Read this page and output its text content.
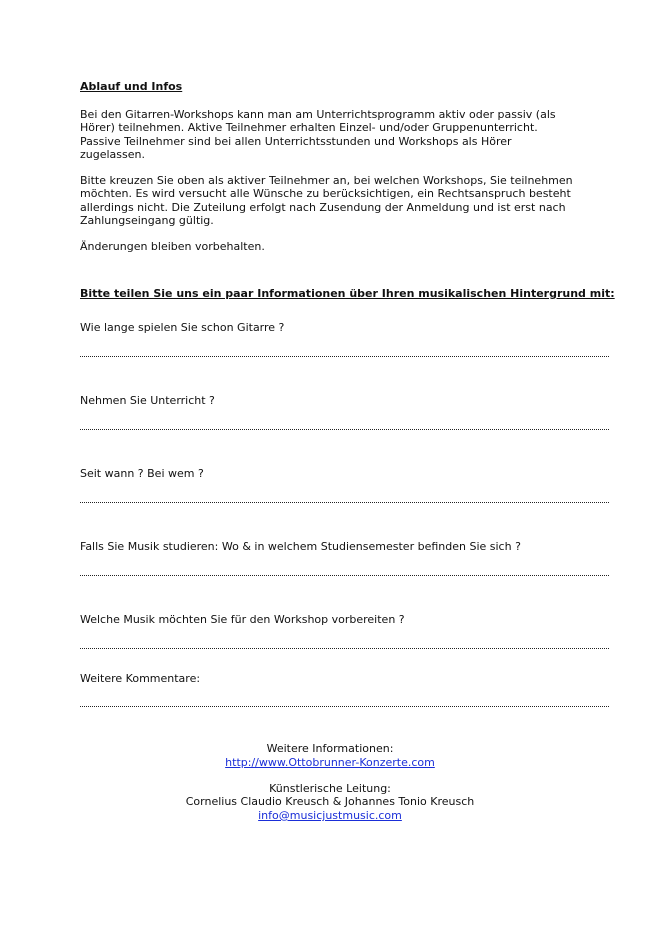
Ablauf und Infos
Bei den Gitarren-Workshops kann man am Unterrichtsprogramm aktiv oder passiv (als
Hörer) teilnehmen. Aktive Teilnehmer erhalten Einzel- und/oder Gruppenunterricht.
Passive Teilnehmer sind bei allen Unterrichtsstunden und Workshops als Hörer
zugelassen.
Bitte kreuzen Sie oben als aktiver Teilnehmer an, bei welchen Workshops, Sie teilnehmen
möchten. Es wird versucht alle Wünsche zu berücksichtigen, ein Rechtsanspruch besteht
allerdings nicht. Die Zuteilung erfolgt nach Zusendung der Anmeldung und ist erst nach
Zahlungseingang gültig.
Änderungen bleiben vorbehalten.
Bitte teilen Sie uns ein paar Informationen über Ihren musikalischen Hintergrund mit:
Wie lange spielen Sie schon Gitarre ?
Nehmen Sie Unterricht ?
Seit wann ? Bei wem ?
Falls Sie Musik studieren: Wo & in welchem Studiensemester befinden Sie sich ?
Welche Musik möchten Sie für den Workshop vorbereiten ?
Weitere Kommentare:
Weitere Informationen:
http://www.Ottobrunner-Konzerte.com
Künstlerische Leitung:
Cornelius Claudio Kreusch & Johannes Tonio Kreusch
info@musicjustmusic.com
